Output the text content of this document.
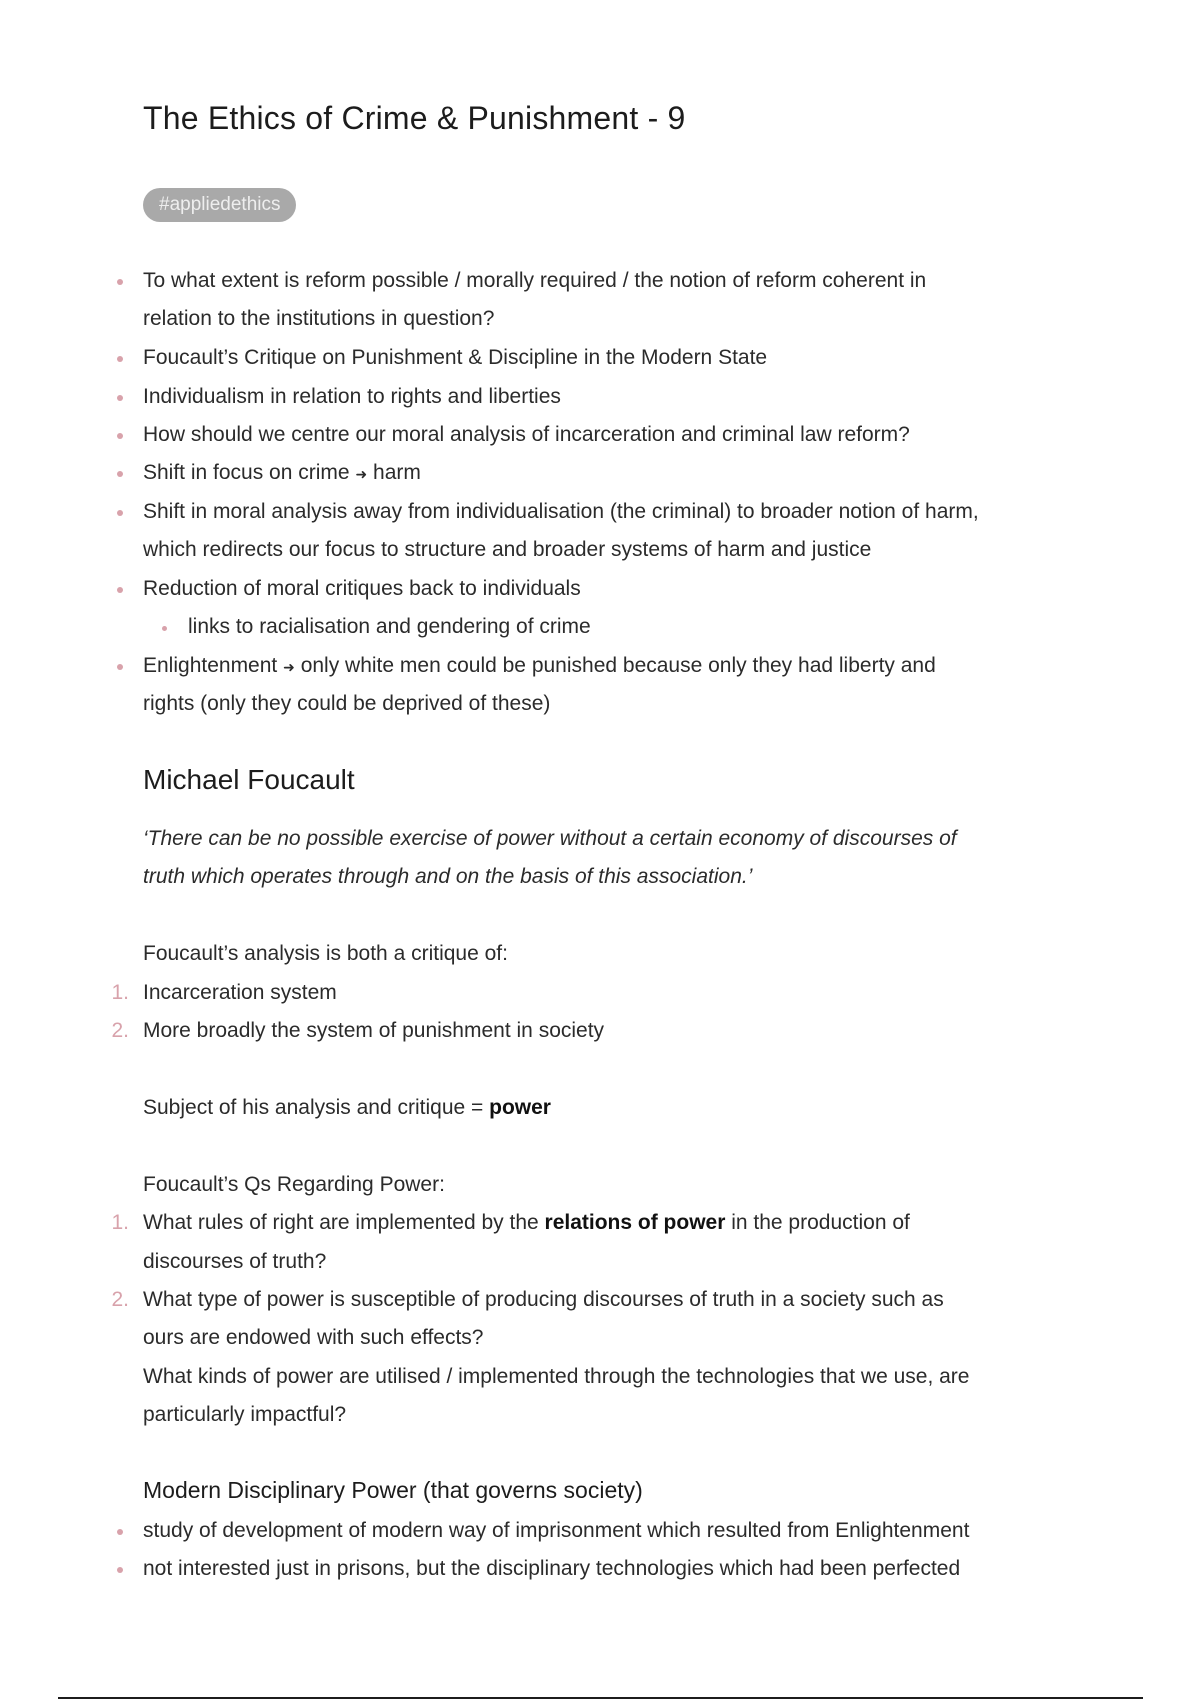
The Ethics of Crime & Punishment - 9
#appliedethics
To what extent is reform possible / morally required / the notion of reform coherent in
relation to the institutions in question?
Foucault’s Critique on Punishment & Discipline in the Modern State
Individualism in relation to rights and liberties
How should we centre our moral analysis of incarceration and criminal law reform?
Shift in focus on crime ➜ harm
Shift in moral analysis away from individualisation (the criminal) to broader notion of harm,
which redirects our focus to structure and broader systems of harm and justice
Reduction of moral critiques back to individuals
links to racialisation and gendering of crime
Enlightenment ➜ only white men could be punished because only they had liberty and
rights (only they could be deprived of these)
Michael Foucault
‘There can be no possible exercise of power without a certain economy of discourses of
truth which operates through and on the basis of this association.’
Foucault’s analysis is both a critique of:
1. Incarceration system
2. More broadly the system of punishment in society
Subject of his analysis and critique = power
Foucault’s Qs Regarding Power:
1. What rules of right are implemented by the relations of power in the production of
discourses of truth?
2. What type of power is susceptible of producing discourses of truth in a society such as
ours are endowed with such effects?
What kinds of power are utilised / implemented through the technologies that we use, are
particularly impactful?
Modern Disciplinary Power (that governs society)
study of development of modern way of imprisonment which resulted from Enlightenment
not interested just in prisons, but the disciplinary technologies which had been perfected
